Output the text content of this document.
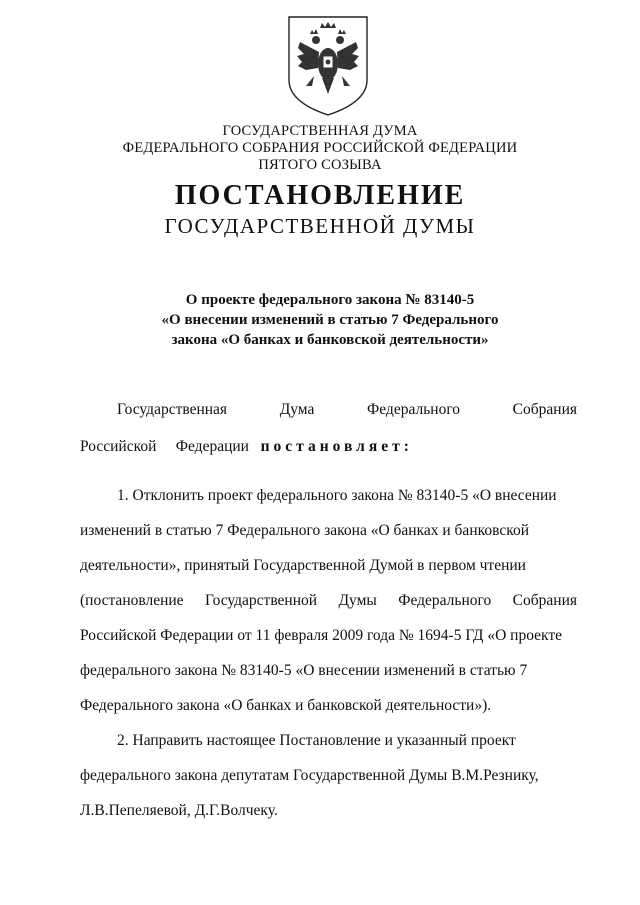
ГОСУДАРСТВЕННАЯ ДУМА
ФЕДЕРАЛЬНОГО СОБРАНИЯ РОССИЙСКОЙ ФЕДЕРАЦИИ
ПЯТОГО СОЗЫВА
ПОСТАНОВЛЕНИЕ
ГОСУДАРСТВЕННОЙ ДУМЫ
О проекте федерального закона № 83140-5
«О внесении изменений в статью 7 Федерального
закона «О банках и банковской деятельности»
Государственная	Дума	Федерального	Собрания
Российской Федерации постановляет:
1. Отклонить проект федерального закона № 83140-5 «О внесении
изменений в статью 7 Федерального закона «О банках и банковской
деятельности», принятый Государственной Думой в первом чтении
(постановление Государственной Думы Федерального Собрания
Российской Федерации от 11 февраля 2009 года № 1694-5 ГД «О проекте
федерального закона № 83140-5 «О внесении изменений в статью 7
Федерального закона «О банках и банковской деятельности»).
2. Направить настоящее Постановление и указанный проект
федерального закона депутатам Государственной Думы В.М.Резнику,
Л.В.Пепеляевой, Д.Г.Волчеку.
